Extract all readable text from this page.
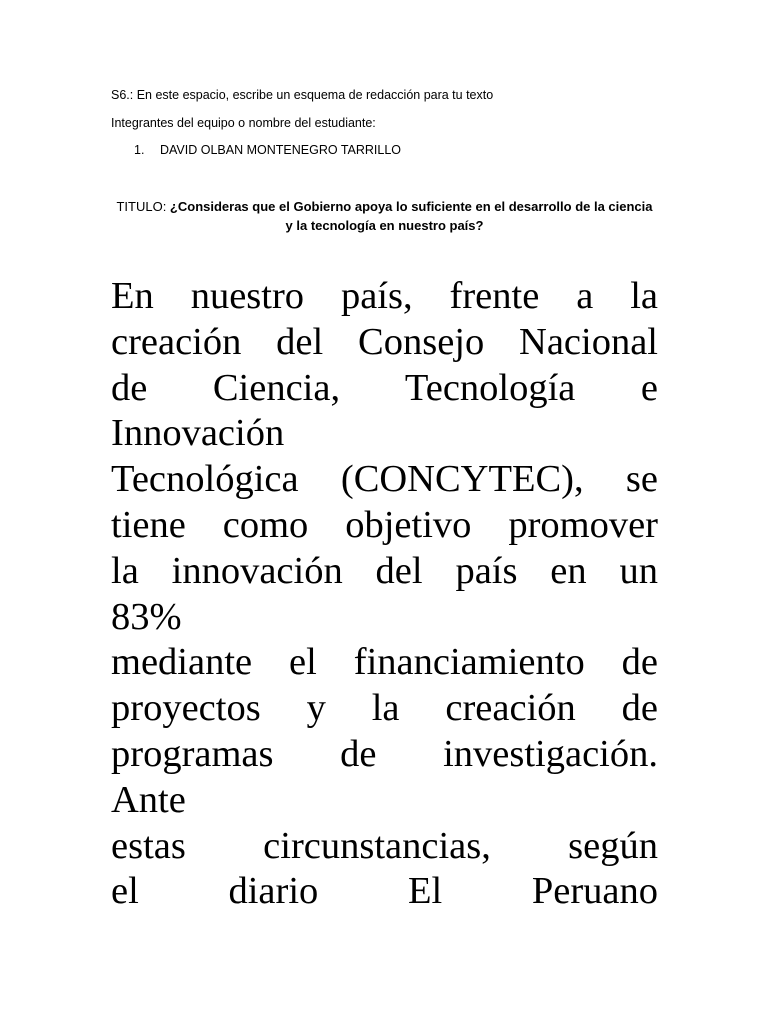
S6.: En este espacio, escribe un esquema de redacción para tu texto
Integrantes del equipo o nombre del estudiante:
1. DAVID OLBAN MONTENEGRO TARRILLO
TITULO: ¿Consideras que el Gobierno apoya lo suficiente en el desarrollo de la ciencia
y la tecnología en nuestro país?
En nuestro país, frente a la
creación del Consejo Nacional
de Ciencia, Tecnología e
Innovación
Tecnológica (CONCYTEC), se
tiene como objetivo promover
la innovación del país en un
83%
mediante el financiamiento de
proyectos y la creación de
programas de investigación.
Ante
estas circunstancias, según
el diario El Peruano
